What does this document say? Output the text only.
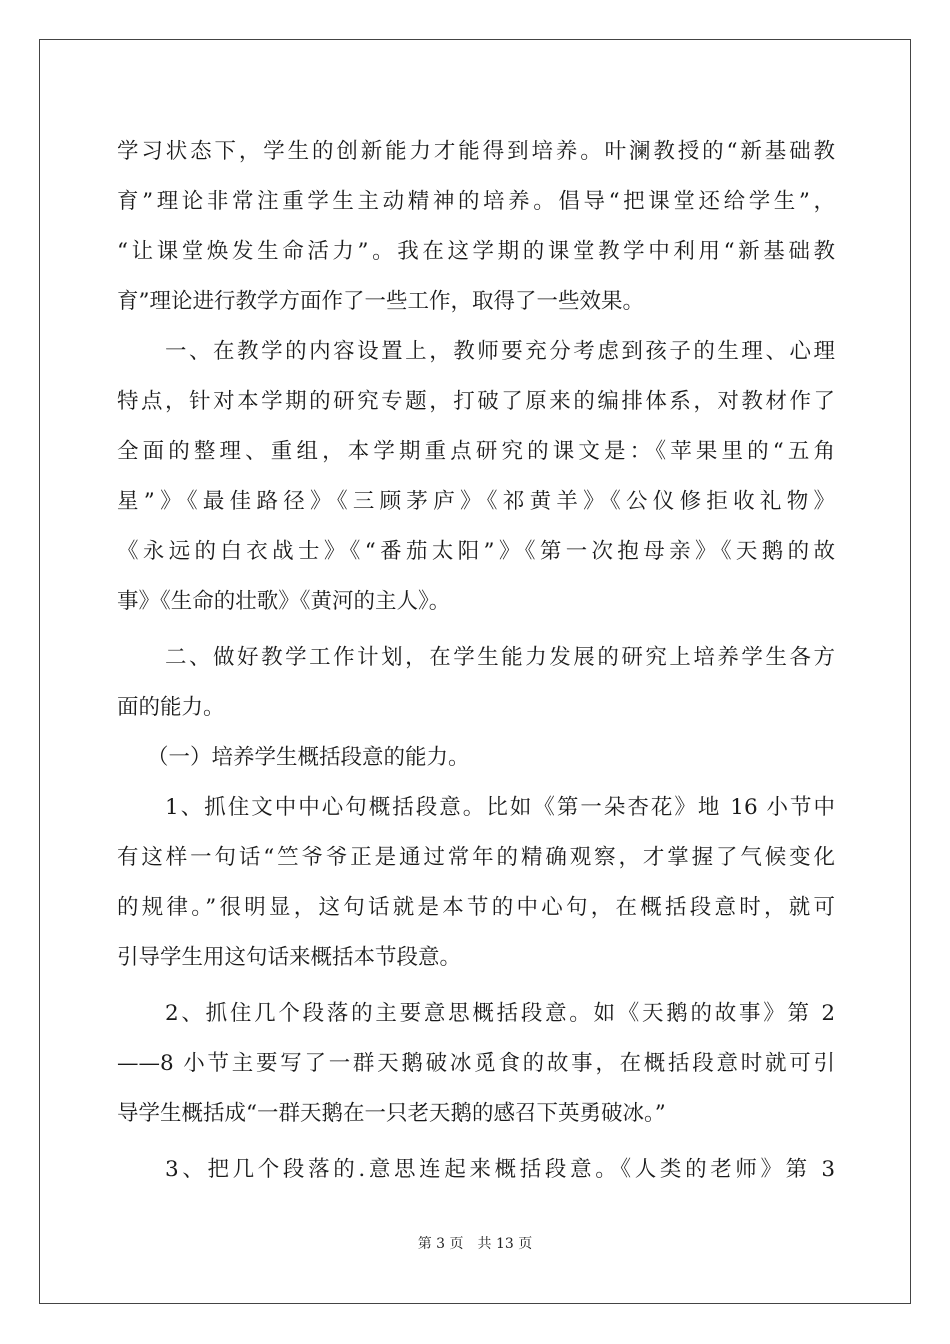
学习状态下，学生的创新能力才能得到培养。叶澜教授的“新基础教
育”理论非常注重学生主动精神的培养。倡导“把课堂还给学生”，
“让课堂焕发生命活力”。我在这学期的课堂教学中利用“新基础教
育”理论进行教学方面作了一些工作，取得了一些效果。
一、在教学的内容设置上，教师要充分考虑到孩子的生理、心理
特点，针对本学期的研究专题，打破了原来的编排体系，对教材作了
全面的整理、重组，本学期重点研究的课文是：《苹果里的“五角
星”》《最佳路径》《三顾茅庐》《祁黄羊》《公仪修拒收礼物》
《永远的白衣战士》《“番茄太阳”》《第一次抱母亲》《天鹅的故
事》《生命的壮歌》《黄河的主人》。
二、做好教学工作计划，在学生能力发展的研究上培养学生各方
面的能力。
（一）培养学生概括段意的能力。
1、抓住文中中心句概括段意。比如《第一朵杏花》地 16 小节中
有这样一句话“竺爷爷正是通过常年的精确观察，才掌握了气候变化
的规律。”很明显，这句话就是本节的中心句，在概括段意时，就可
引导学生用这句话来概括本节段意。
2、抓住几个段落的主要意思概括段意。如《天鹅的故事》第 2
——8 小节主要写了一群天鹅破冰觅食的故事，在概括段意时就可引
导学生概括成“一群天鹅在一只老天鹅的感召下英勇破冰。”
3、把几个段落的.意思连起来概括段意。《人类的老师》第 3
第 3 页　共 13 页
